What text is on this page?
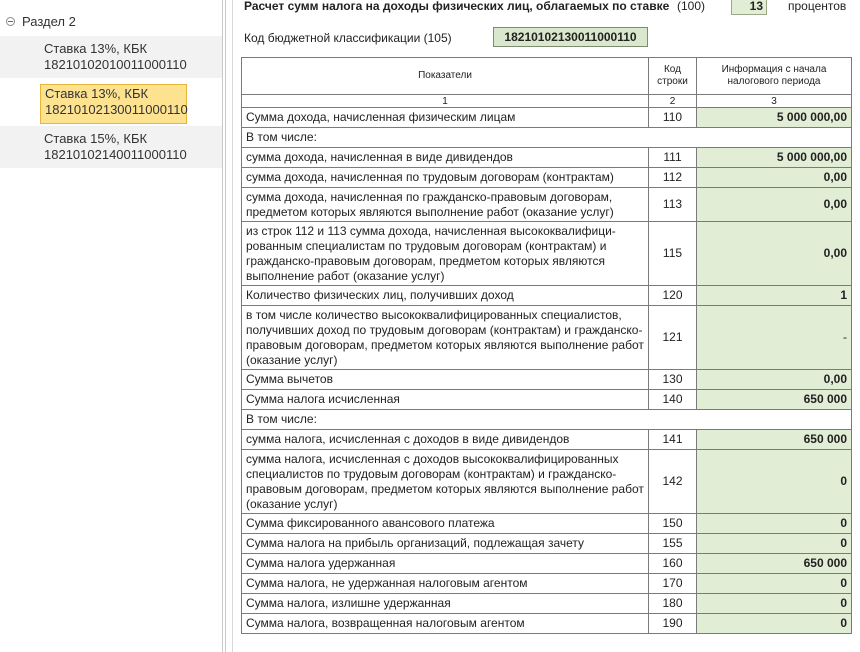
Раздел 2
Ставка 13%, КБК
18210102010011000110
Ставка 13%, КБК
18210102130011000110
Ставка 15%, КБК
18210102140011000110
Расчет сумм налога на доходы физических лиц, облагаемых по ставке (100)	13	процентов
Код бюджетной классификации (105)	18210102130011000110
Показатели	Код строки	Информация с начала налогового периода
1	2	3
Сумма дохода, начисленная физическим лицам	110	5 000 000,00
В том числе:		
сумма дохода, начисленная в виде дивидендов	111	5 000 000,00
сумма дохода, начисленная по трудовым договорам (контрактам)	112	0,00
сумма дохода, начисленная по гражданско-правовым договорам, предметом которых являются выполнение работ (оказание услуг)	113	0,00
из строк 112 и 113 сумма дохода, начисленная высококвалифици-рованным специалистам по трудовым договорам (контрактам) и гражданско-правовым договорам, предметом которых являются выполнение работ (оказание услуг)	115	0,00
Количество физических лиц, получивших доход	120	1
в том числе количество высококвалифицированных специалистов, получивших доход по трудовым договорам (контрактам) и гражданско-правовым договорам, предметом которых являются выполнение работ (оказание услуг)	121	-
Сумма вычетов	130	0,00
Сумма налога исчисленная	140	650 000
В том числе:		
сумма налога, исчисленная с доходов в виде дивидендов	141	650 000
сумма налога, исчисленная с доходов высококвалифицированных специалистов по трудовым договорам (контрактам) и гражданско-правовым договорам, предметом которых являются выполнение работ (оказание услуг)	142	0
Сумма фиксированного авансового платежа	150	0
Сумма налога на прибыль организаций, подлежащая зачету	155	0
Сумма налога удержанная	160	650 000
Сумма налога, не удержанная налоговым агентом	170	0
Сумма налога, излишне удержанная	180	0
Сумма налога, возвращенная налоговым агентом	190	0
